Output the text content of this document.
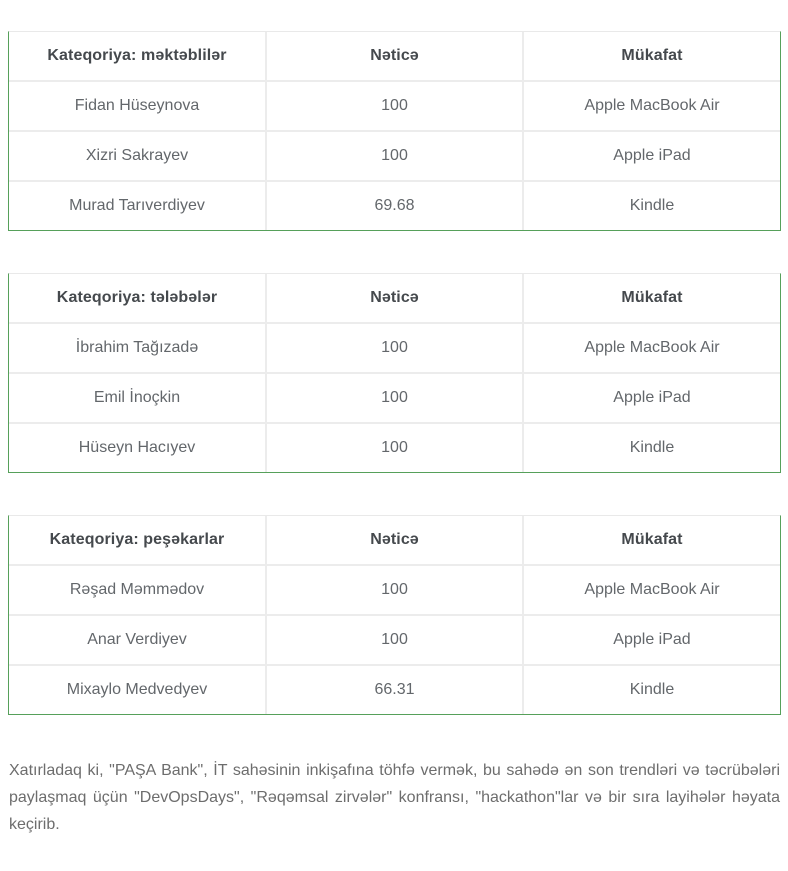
Kateqoriya: məktəblilər	Nəticə	Mükafat
Fidan Hüseynova	100	Apple MacBook Air
Xizri Sakrayev	100	Apple iPad
Murad Tarıverdiyev	69.68	Kindle
Kateqoriya: tələbələr	Nəticə	Mükafat
İbrahim Tağızadə	100	Apple MacBook Air
Emil İnoçkin	100	Apple iPad
Hüseyn Hacıyev	100	Kindle
Kateqoriya: peşəkarlar	Nəticə	Mükafat
Rəşad Məmmədov	100	Apple MacBook Air
Anar Verdiyev	100	Apple iPad
Mixaylo Medvedyev	66.31	Kindle

Xatırladaq ki, "PAŞA Bank", İT sahəsinin inkişafına töhfə vermək, bu sahədə ən son trendləri və təcrübələri paylaşmaq üçün "DevOpsDays", "Rəqəmsal zirvələr" konfransı, "hackathon"lar və bir sıra layihələr həyata keçirib.
